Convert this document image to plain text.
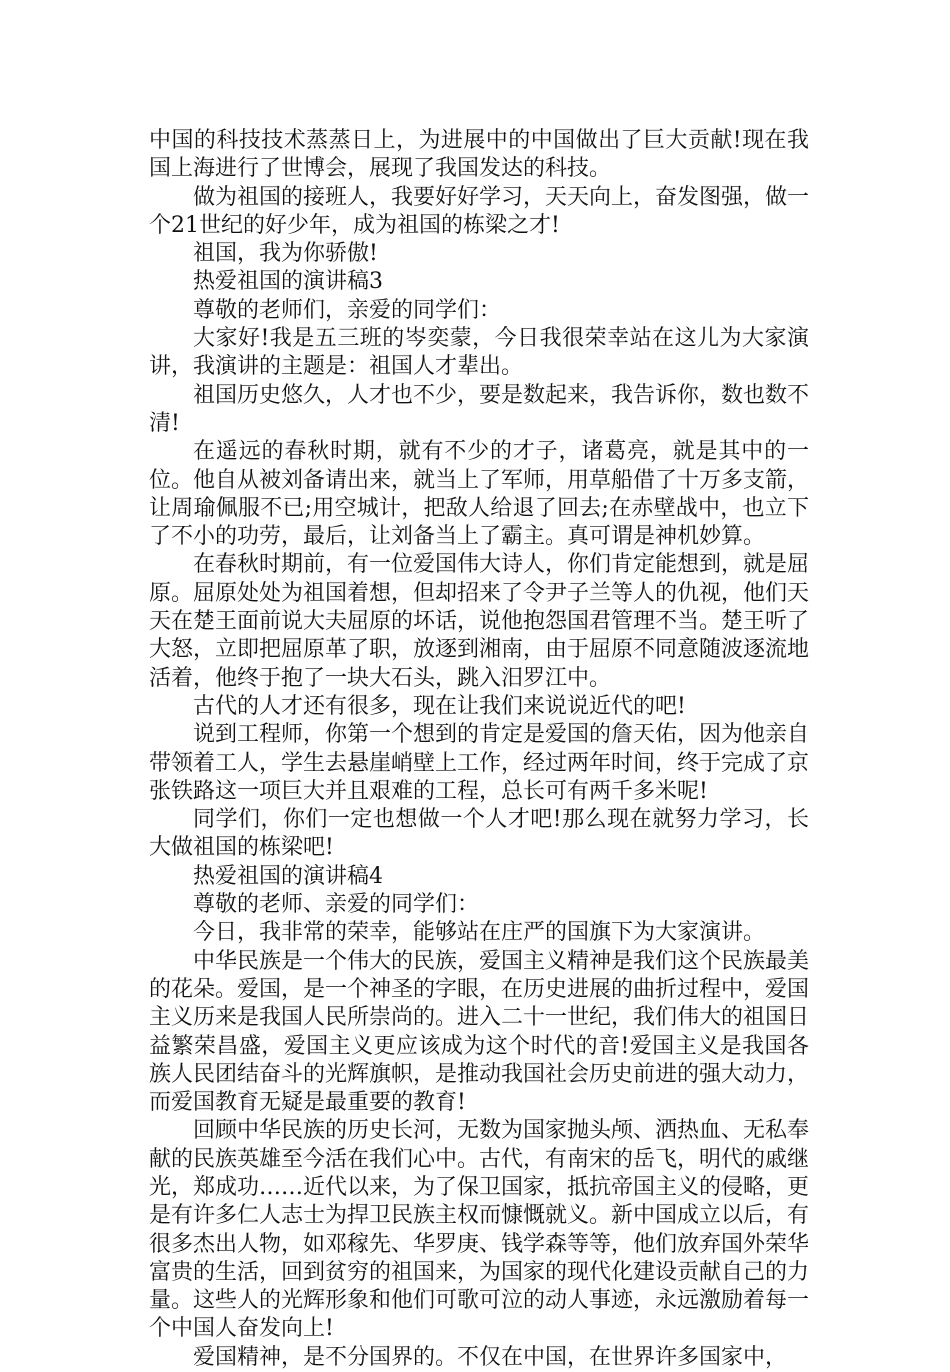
中国的科技技术蒸蒸日上，为进展中的中国做出了巨大贡献!现在我国上海进行了世博会，展现了我国发达的科技。

做为祖国的接班人，我要好好学习，天天向上，奋发图强，做一个21世纪的好少年，成为祖国的栋梁之才!

祖国，我为你骄傲!

热爱祖国的演讲稿3

尊敬的老师们，亲爱的同学们：

大家好!我是五三班的岑奕蒙，今日我很荣幸站在这儿为大家演讲，我演讲的主题是：祖国人才辈出。

祖国历史悠久，人才也不少，要是数起来，我告诉你，数也数不清!

在遥远的春秋时期，就有不少的才子，诸葛亮，就是其中的一位。他自从被刘备请出来，就当上了军师，用草船借了十万多支箭，让周瑜佩服不已;用空城计，把敌人给退了回去;在赤壁战中，也立下了不小的功劳，最后，让刘备当上了霸主。真可谓是神机妙算。

在春秋时期前，有一位爱国伟大诗人，你们肯定能想到，就是屈原。屈原处处为祖国着想，但却招来了令尹子兰等人的仇视，他们天天在楚王面前说大夫屈原的坏话，说他抱怨国君管理不当。楚王听了大怒，立即把屈原革了职，放逐到湘南，由于屈原不同意随波逐流地活着，他终于抱了一块大石头，跳入汨罗江中。

古代的人才还有很多，现在让我们来说说近代的吧!

说到工程师，你第一个想到的肯定是爱国的詹天佑，因为他亲自带领着工人，学生去悬崖峭壁上工作，经过两年时间，终于完成了京张铁路这一项巨大并且艰难的工程，总长可有两千多米呢!

同学们，你们一定也想做一个人才吧!那么现在就努力学习，长大做祖国的栋梁吧!

热爱祖国的演讲稿4

尊敬的老师、亲爱的同学们：

今日，我非常的荣幸，能够站在庄严的国旗下为大家演讲。

中华民族是一个伟大的民族，爱国主义精神是我们这个民族最美的花朵。爱国，是一个神圣的字眼，在历史进展的曲折过程中，爱国主义历来是我国人民所崇尚的。进入二十一世纪，我们伟大的祖国日益繁荣昌盛，爱国主义更应该成为这个时代的音!爱国主义是我国各族人民团结奋斗的光辉旗帜，是推动我国社会历史前进的强大动力，而爱国教育无疑是最重要的教育!

回顾中华民族的历史长河，无数为国家抛头颅、洒热血、无私奉献的民族英雄至今活在我们心中。古代，有南宋的岳飞，明代的戚继光，郑成功……近代以来，为了保卫国家，抵抗帝国主义的侵略，更是有许多仁人志士为捍卫民族主权而慷慨就义。新中国成立以后，有很多杰出人物，如邓稼先、华罗庚、钱学森等等，他们放弃国外荣华富贵的生活，回到贫穷的祖国来，为国家的现代化建设贡献自己的力量。这些人的光辉形象和他们可歌可泣的动人事迹，永远激励着每一个中国人奋发向上!

爱国精神，是不分国界的。不仅在中国，在世界许多国家中，
